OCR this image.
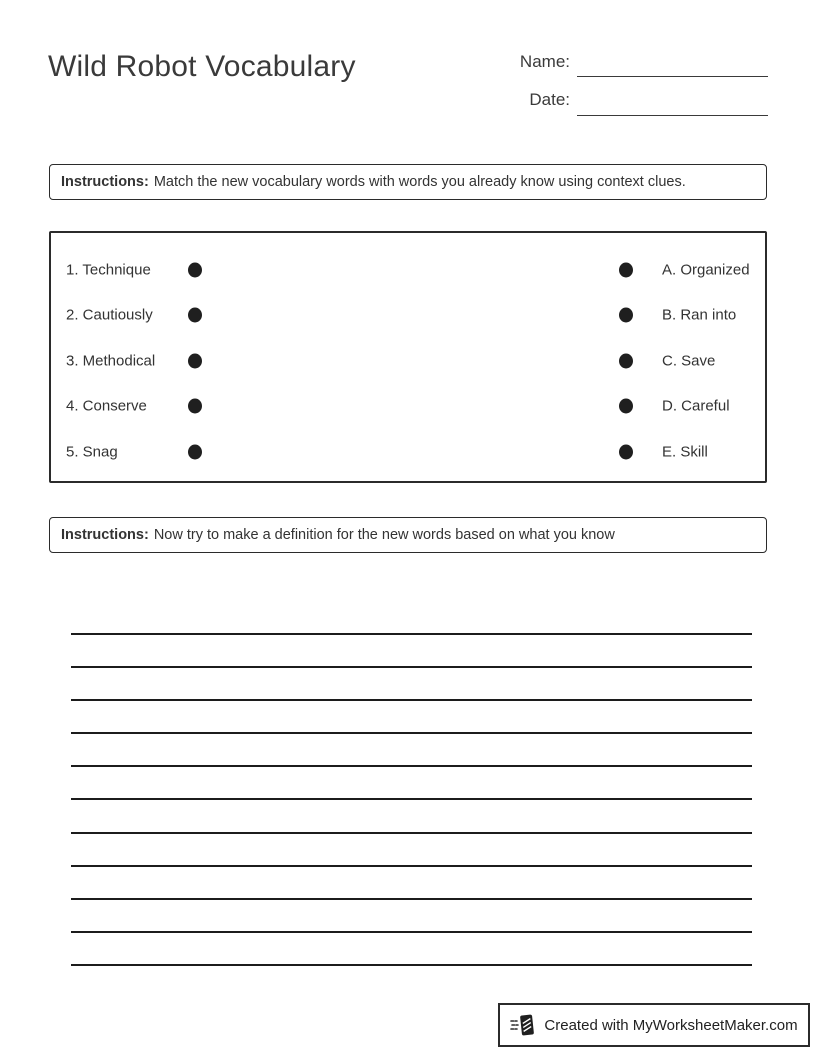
Wild Robot Vocabulary	Name:
Date:
Instructions: Match the new vocabulary words with words you already know using context clues.
1. Technique	A. Organized
2. Cautiously	B. Ran into
3. Methodical	C. Save
4. Conserve	D. Careful
5. Snag	E. Skill
Instructions: Now try to make a definition for the new words based on what you know
Created with MyWorksheetMaker.com
